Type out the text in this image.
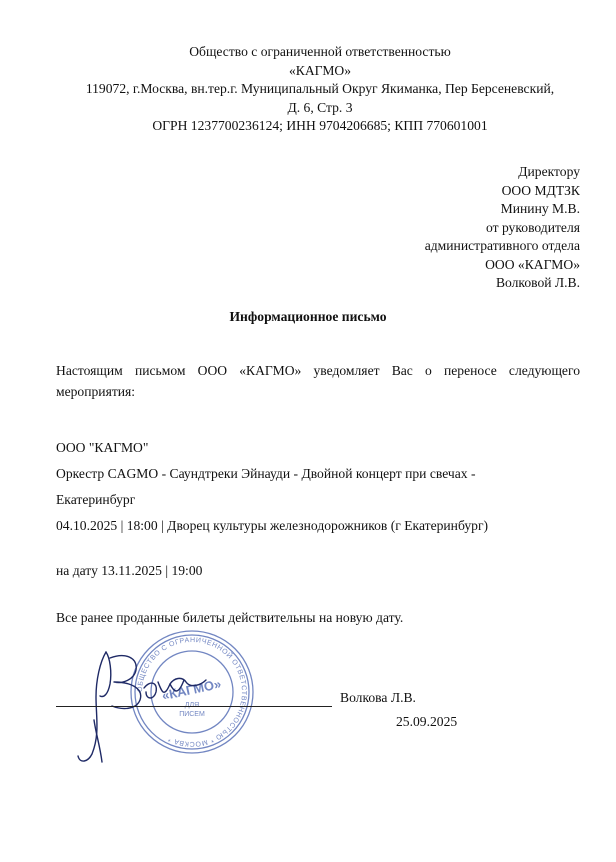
Общество с ограниченной ответственностью
«КАГМО»
119072, г.Москва, вн.тер.г. Муниципальный Округ Якиманка, Пер Берсеневский,
Д. 6, Стр. 3
ОГРН 1237700236124; ИНН 9704206685; КПП 770601001
Директору
ООО МДТЗК
Минину М.В.
от руководителя
административного отдела
ООО «КАГМО»
Волковой Л.В.
Информационное письмо
Настоящим письмом ООО «КАГМО» уведомляет Вас о переносе следующего мероприятия:
ООО "КАГМО"
Оркестр CAGMO - Саундтреки Эйнауди - Двойной концерт при свечах -
Екатеринбург
04.10.2025 | 18:00 | Дворец культуры железнодорожников (г Екатеринбург)
на дату 13.11.2025 | 19:00
Все ранее проданные билеты действительны на новую дату.
ОБЩЕСТВО С ОГРАНИЧЕННОЙ ОТВЕТСТВЕННОСТЬЮ * МОСКВА *
«КАГМО»
ДЛЯ
ПИСЕМ
Волкова Л.В.
25.09.2025
